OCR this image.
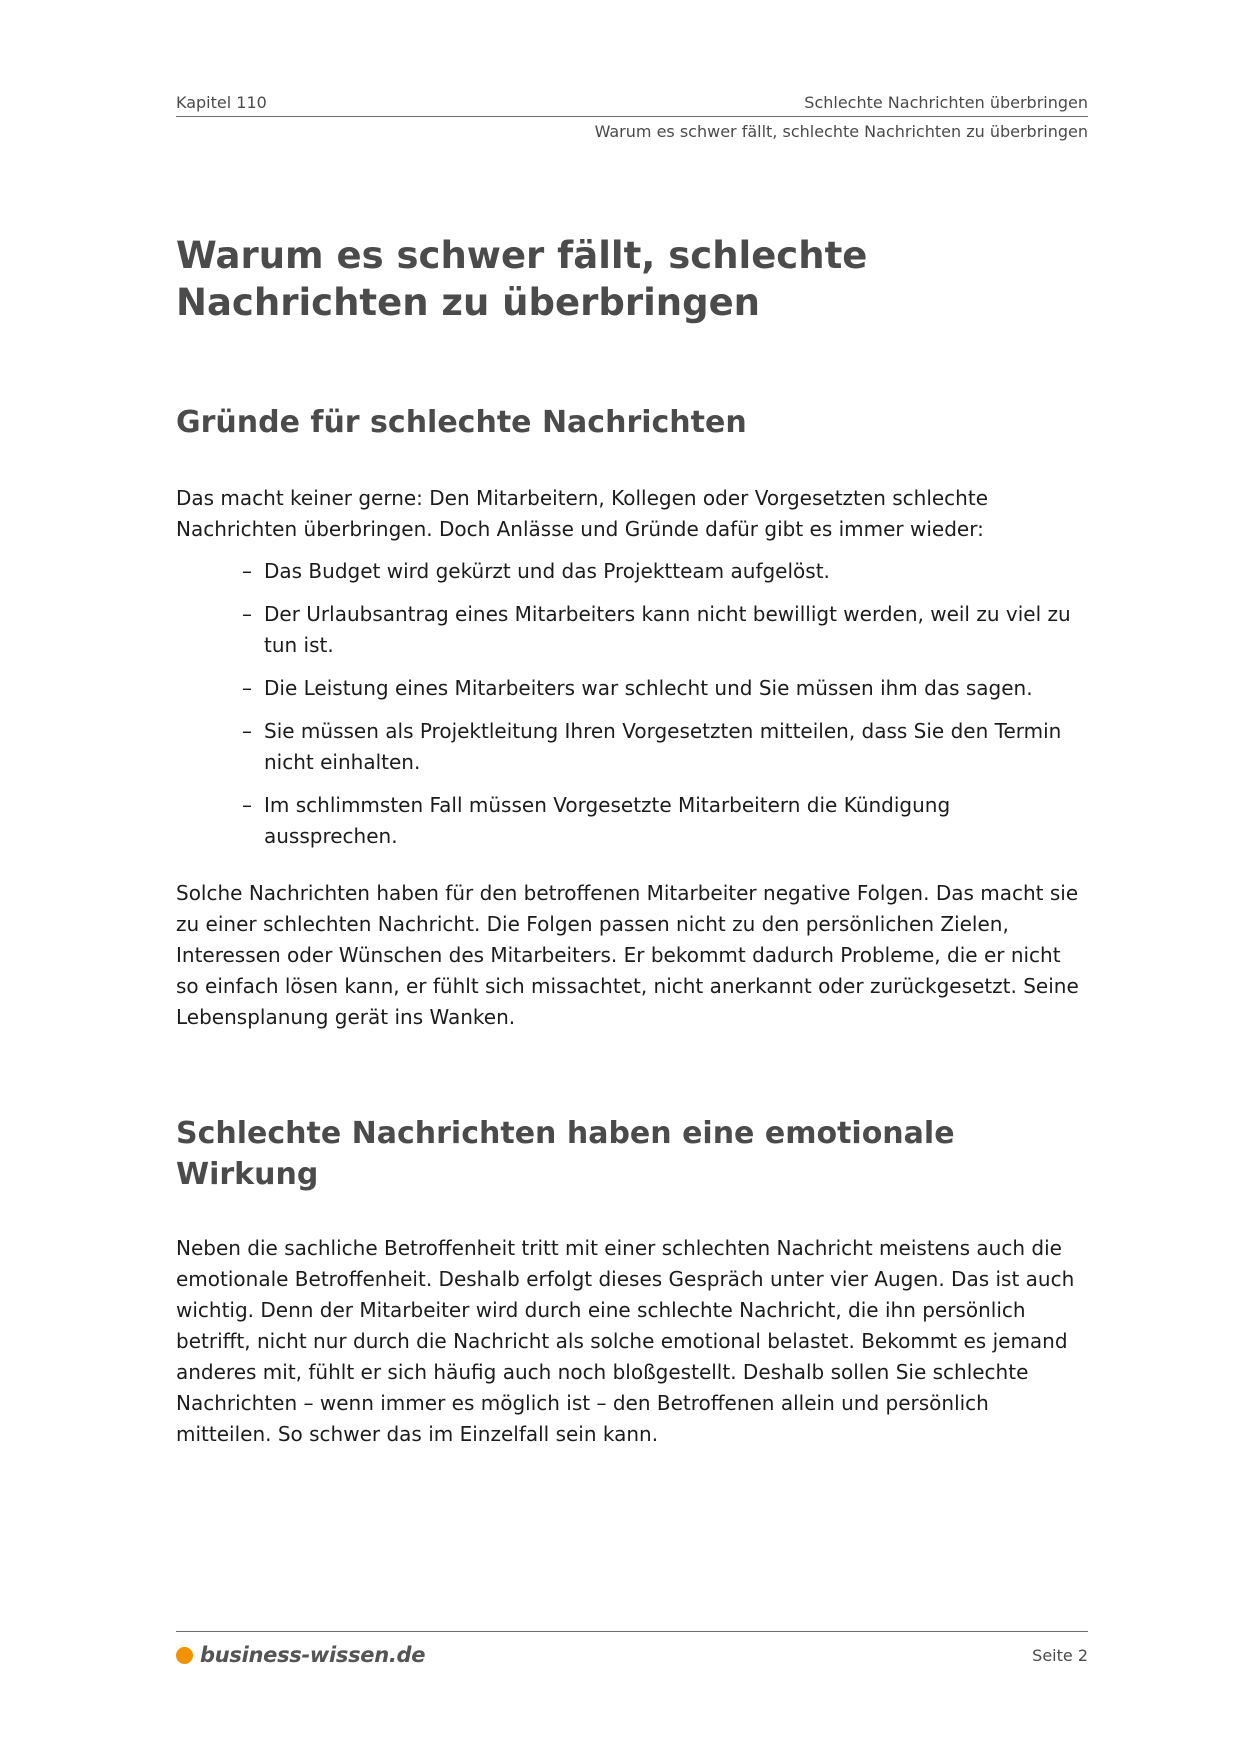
Kapitel 110	Schlechte Nachrichten überbringen
Warum es schwer fällt, schlechte Nachrichten zu überbringen
Warum es schwer fällt, schlechte Nachrichten zu überbringen
Gründe für schlechte Nachrichten

Das macht keiner gerne: Den Mitarbeitern, Kollegen oder Vorgesetzten schlechte Nachrichten überbringen. Doch Anlässe und Gründe dafür gibt es immer wieder:

– Das Budget wird gekürzt und das Projektteam aufgelöst.
– Der Urlaubsantrag eines Mitarbeiters kann nicht bewilligt werden, weil zu viel zu tun ist.
– Die Leistung eines Mitarbeiters war schlecht und Sie müssen ihm das sagen.
– Sie müssen als Projektleitung Ihren Vorgesetzten mitteilen, dass Sie den Termin nicht einhalten.
– Im schlimmsten Fall müssen Vorgesetzte Mitarbeitern die Kündigung aussprechen.

Solche Nachrichten haben für den betroffenen Mitarbeiter negative Folgen. Das macht sie zu einer schlechten Nachricht. Die Folgen passen nicht zu den persönlichen Zielen, Interessen oder Wünschen des Mitarbeiters. Er bekommt dadurch Probleme, die er nicht so einfach lösen kann, er fühlt sich missachtet, nicht anerkannt oder zurückgesetzt. Seine Lebensplanung gerät ins Wanken.

Schlechte Nachrichten haben eine emotionale Wirkung

Neben die sachliche Betroffenheit tritt mit einer schlechten Nachricht meistens auch die emotionale Betroffenheit. Deshalb erfolgt dieses Gespräch unter vier Augen. Das ist auch wichtig. Denn der Mitarbeiter wird durch eine schlechte Nachricht, die ihn persönlich betrifft, nicht nur durch die Nachricht als solche emotional belastet. Bekommt es jemand anderes mit, fühlt er sich häufig auch noch bloßgestellt. Deshalb sollen Sie schlechte Nachrichten – wenn immer es möglich ist – den Betroffenen allein und persönlich mitteilen. So schwer das im Einzelfall sein kann.

business-wissen.de	Seite 2
